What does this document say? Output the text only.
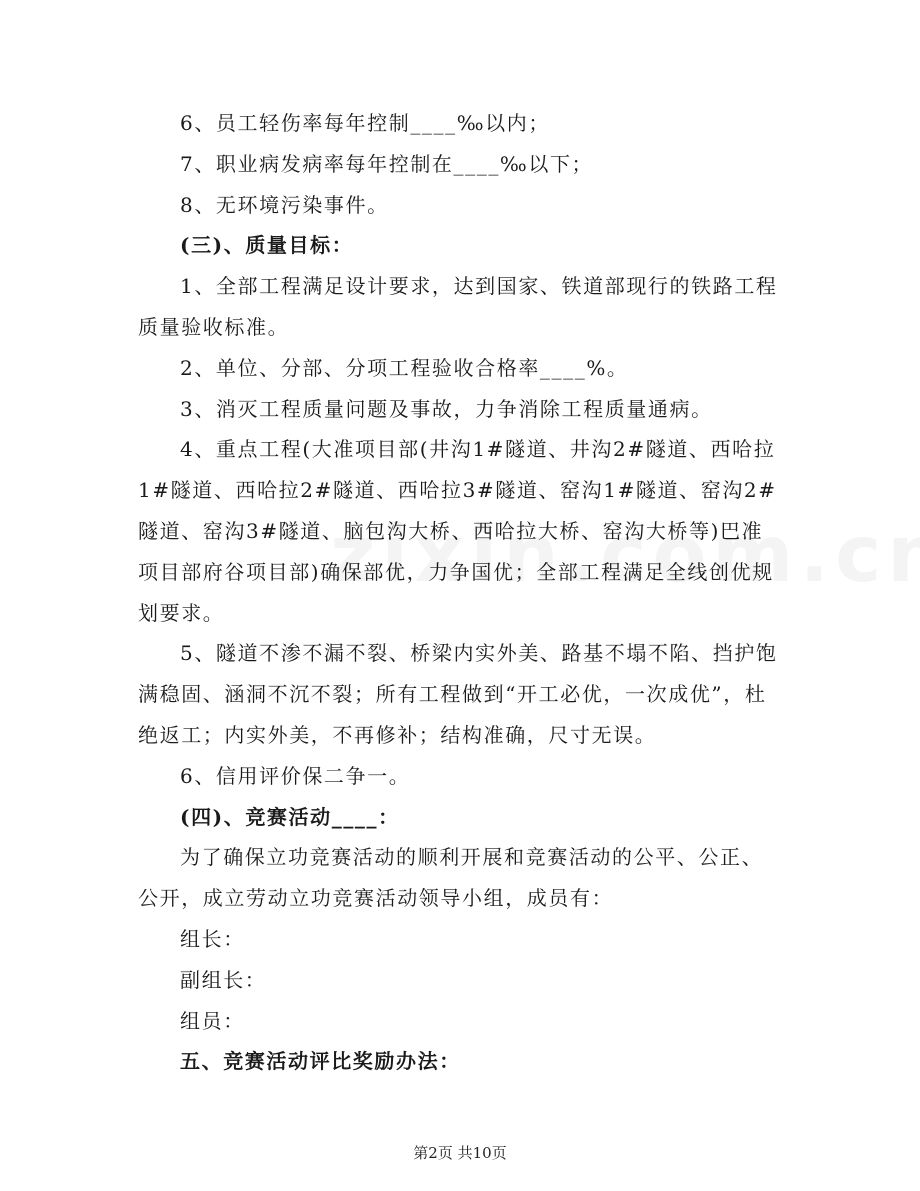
6、员工轻伤率每年控制____‰以内；

7、职业病发病率每年控制在____‰以下；

8、无环境污染事件。

(三)、质量目标：

1、全部工程满足设计要求，达到国家、铁道部现行的铁路工程质量验收标准。

2、单位、分部、分项工程验收合格率____%。

3、消灭工程质量问题及事故，力争消除工程质量通病。

4、重点工程(大准项目部(井沟1#隧道、井沟2#隧道、西哈拉1#隧道、西哈拉2#隧道、西哈拉3#隧道、窑沟1#隧道、窑沟2#隧道、窑沟3#隧道、脑包沟大桥、西哈拉大桥、窑沟大桥等)巴准项目部府谷项目部)确保部优，力争国优；全部工程满足全线创优规划要求。

5、隧道不渗不漏不裂、桥梁内实外美、路基不塌不陷、挡护饱满稳固、涵洞不沉不裂；所有工程做到“开工必优，一次成优”，杜绝返工；内实外美，不再修补；结构准确，尺寸无误。

6、信用评价保二争一。

(四)、竞赛活动____：

为了确保立功竞赛活动的顺利开展和竞赛活动的公平、公正、公开，成立劳动立功竞赛活动领导小组，成员有：

组长：

副组长：

组员：

五、竞赛活动评比奖励办法：

第2页 共10页
